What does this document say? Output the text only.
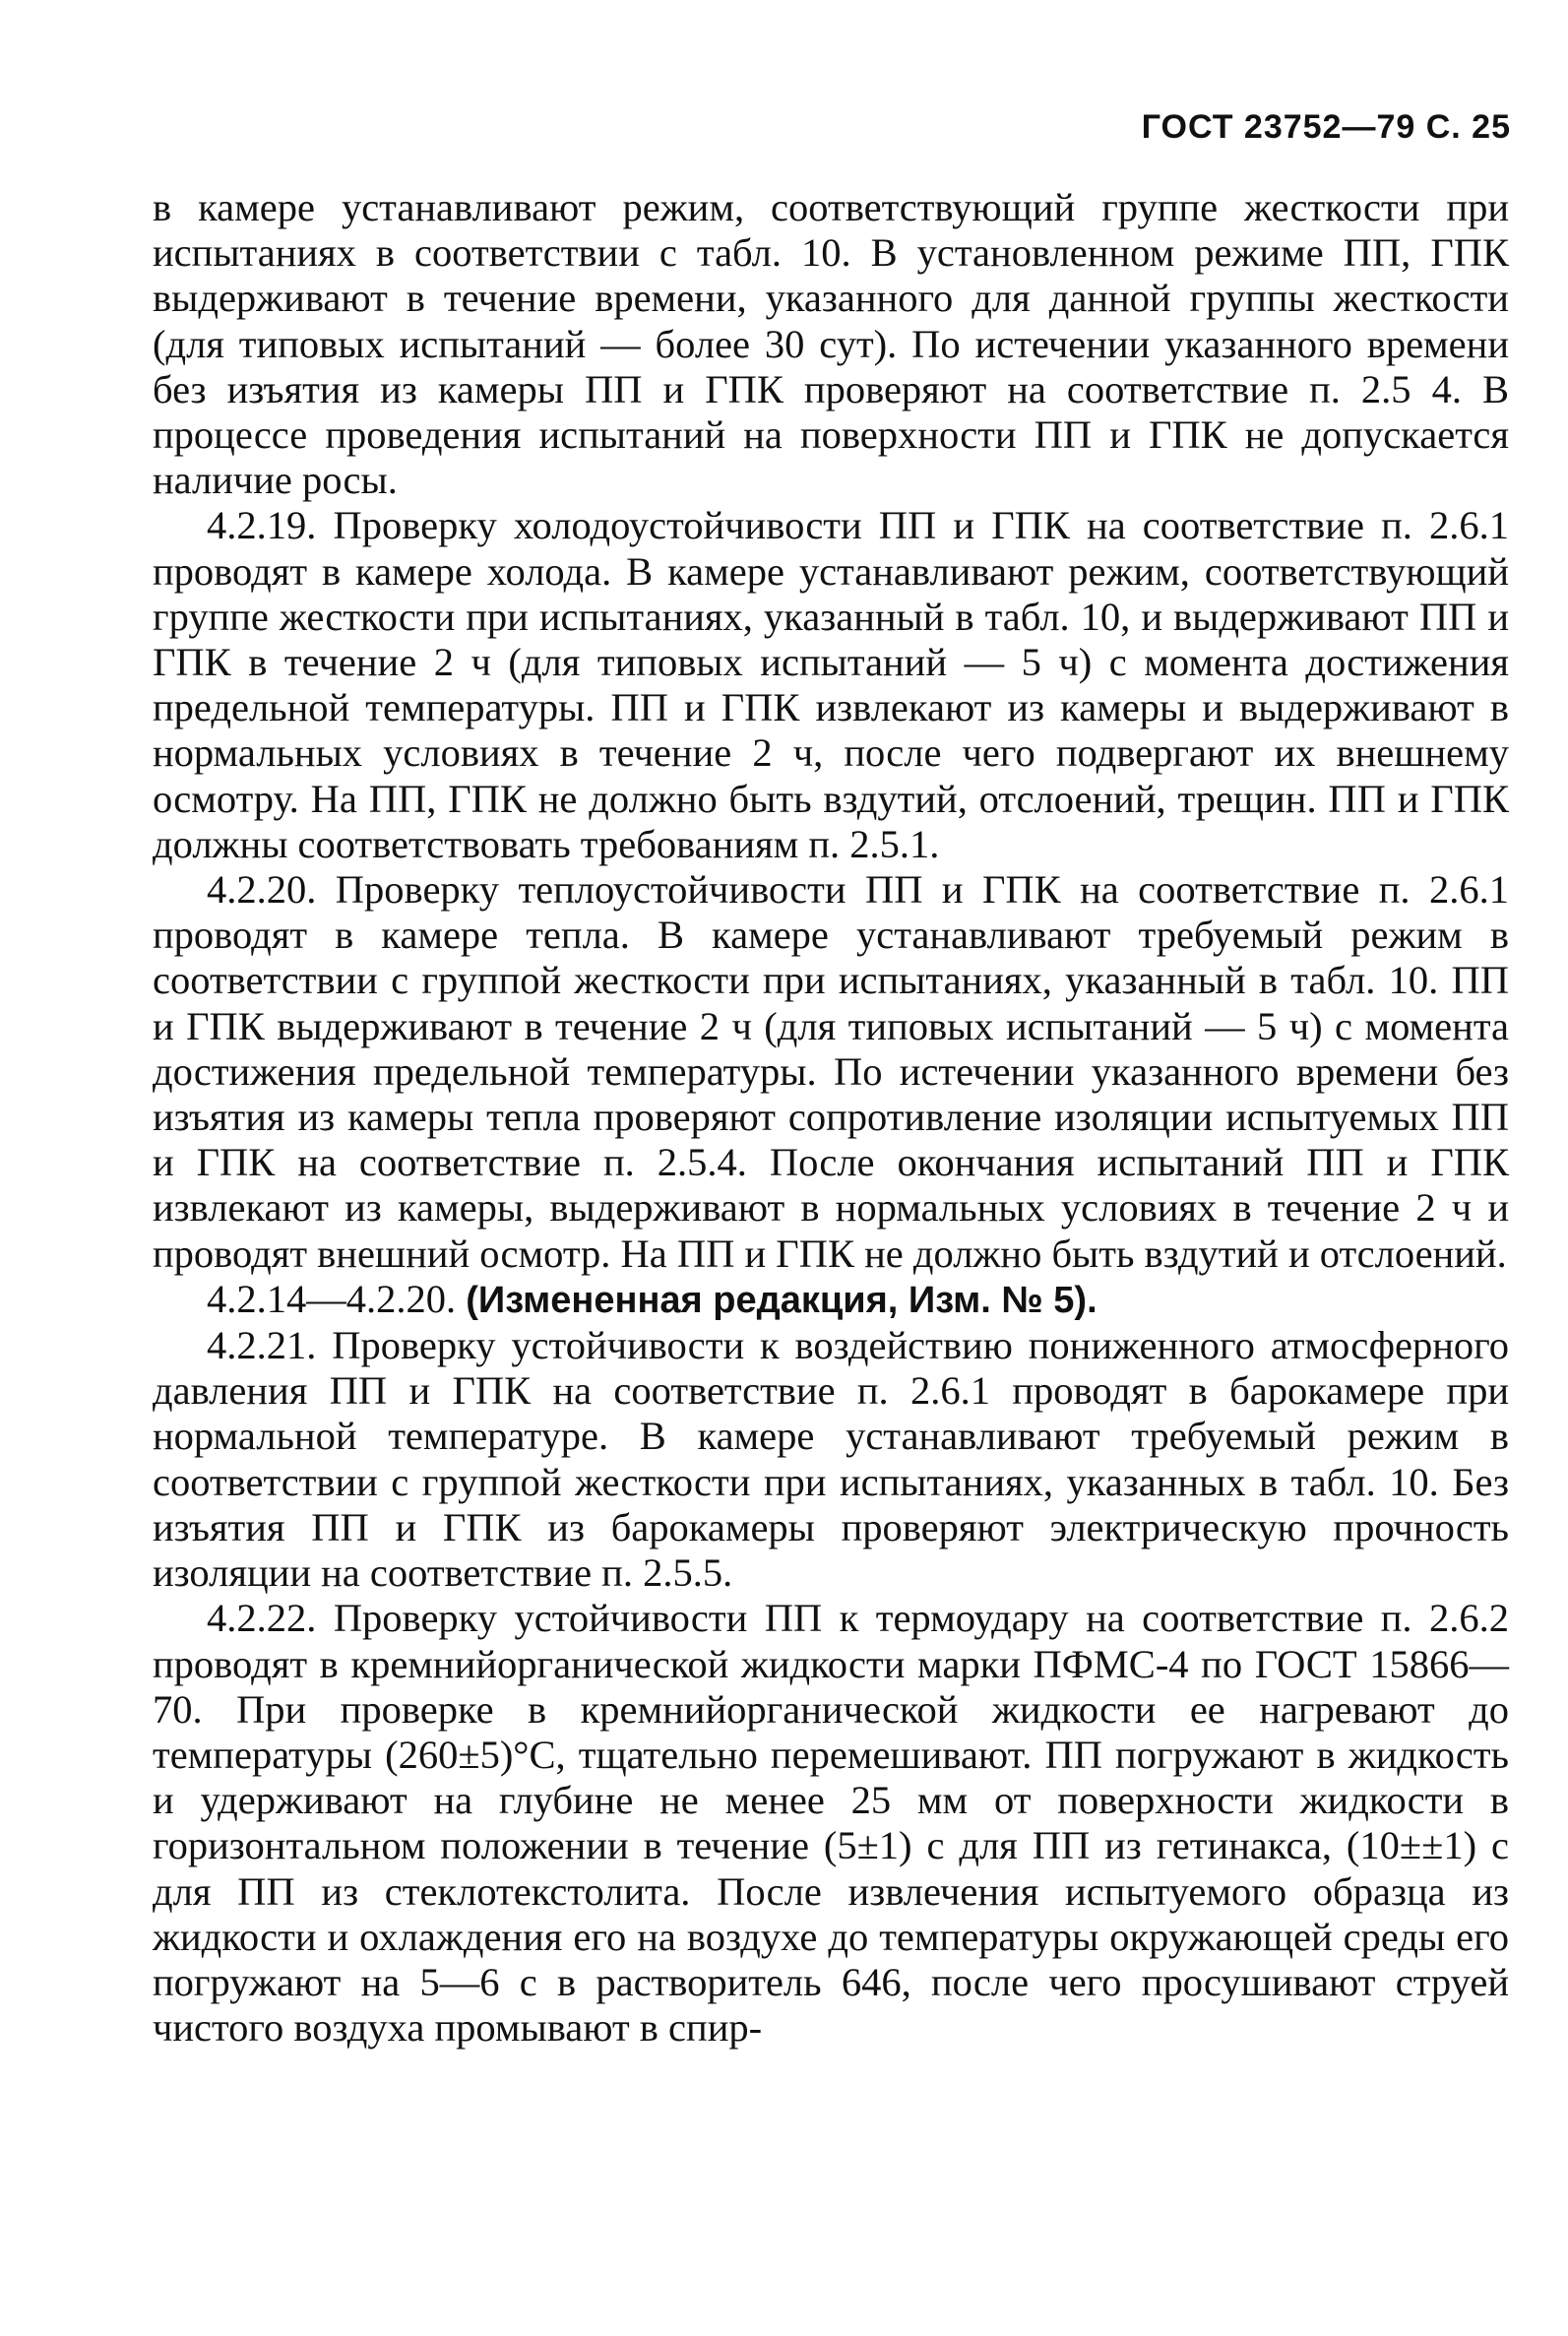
ГОСТ 23752—79 С. 25

в камере устанавливают режим, соответствующий группе жесткости при испытаниях в соответствии с табл. 10. В установленном режиме ПП, ГПК выдерживают в течение времени, указанного для данной группы жесткости (для типовых испытаний — более 30 сут). По истечении указанного времени без изъятия из камеры ПП и ГПК проверяют на соответствие п. 2.5 4. В процессе проведения испытаний на поверхности ПП и ГПК не допускается наличие росы.

4.2.19. Проверку холодоустойчивости ПП и ГПК на соответствие п. 2.6.1 проводят в камере холода. В камере устанавливают режим, соответствующий группе жесткости при испытаниях, указанный в табл. 10, и выдерживают ПП и ГПК в течение 2 ч (для типовых испытаний — 5 ч) с момента достижения предельной температуры. ПП и ГПК извлекают из камеры и выдерживают в нормальных условиях в течение 2 ч, после чего подвергают их внешнему осмотру. На ПП, ГПК не должно быть вздутий, отслоений, трещин. ПП и ГПК должны соответствовать требованиям п. 2.5.1.

4.2.20. Проверку теплоустойчивости ПП и ГПК на соответствие п. 2.6.1 проводят в камере тепла. В камере устанавливают требуемый режим в соответствии с группой жесткости при испытаниях, указанный в табл. 10. ПП и ГПК выдерживают в течение 2 ч (для типовых испытаний — 5 ч) с момента достижения предельной температуры. По истечении указанного времени без изъятия из камеры тепла проверяют сопротивление изоляции испытуемых ПП и ГПК на соответствие п. 2.5.4. После окончания испытаний ПП и ГПК извлекают из камеры, выдерживают в нормальных условиях в течение 2 ч и проводят внешний осмотр. На ПП и ГПК не должно быть вздутий и отслоений.

4.2.14—4.2.20. (Измененная редакция, Изм. № 5).

4.2.21. Проверку устойчивости к воздействию пониженного атмосферного давления ПП и ГПК на соответствие п. 2.6.1 проводят в барокамере при нормальной температуре. В камере устанавливают требуемый режим в соответствии с группой жесткости при испытаниях, указанных в табл. 10. Без изъятия ПП и ГПК из барокамеры проверяют электрическую прочность изоляции на соответствие п. 2.5.5.

4.2.22. Проверку устойчивости ПП к термоудару на соответствие п. 2.6.2 проводят в кремнийорганической жидкости марки ПФМС-4 по ГОСТ 15866—70. При проверке в кремнийорганической жидкости ее нагревают до температуры (260±5)°С, тщательно перемешивают. ПП погружают в жидкость и удерживают на глубине не менее 25 мм от поверхности жидкости в горизонтальном положении в течение (5±1) с для ПП из гетинакса, (10±±1) с для ПП из стеклотекстолита. После извлечения испытуемого образца из жидкости и охлаждения его на воздухе до температуры окружающей среды его погружают на 5—6 с в растворитель 646, после чего просушивают струей чистого воздуха промывают в спир-
